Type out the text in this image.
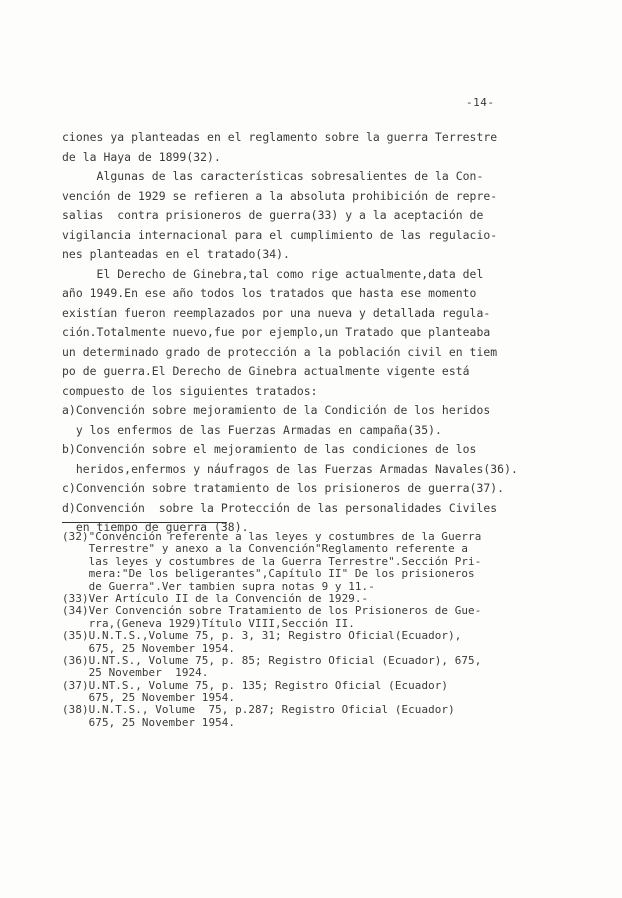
-14-
ciones ya planteadas en el reglamento sobre la guerra Terrestre
de la Haya de 1899(32).
Algunas de las características sobresalientes de la Con-
vención de 1929 se refieren a la absoluta prohibición de repre-
salias  contra prisioneros de guerra(33) y a la aceptación de
vigilancia internacional para el cumplimiento de las regulacio-
nes planteadas en el tratado(34).
El Derecho de Ginebra,tal como rige actualmente,data del
año 1949.En ese año todos los tratados que hasta ese momento
existían fueron reemplazados por una nueva y detallada regula-
ción.Totalmente nuevo,fue por ejemplo,un Tratado que planteaba
un determinado grado de protección a la población civil en tiem
po de guerra.El Derecho de Ginebra actualmente vigente está
compuesto de los siguientes tratados:
a)Convención sobre mejoramiento de la Condición de los heridos
y los enfermos de las Fuerzas Armadas en campaña(35).
b)Convención sobre el mejoramiento de las condiciones de los
heridos,enfermos y náufragos de las Fuerzas Armadas Navales(36).
c)Convención sobre tratamiento de los prisioneros de guerra(37).
d)Convención  sobre la Protección de las personalidades Civiles
en tiempo de guerra (38).
(32)"Convención referente a las leyes y costumbres de la Guerra
Terrestre" y anexo a la Convención"Reglamento referente a
las leyes y costumbres de la Guerra Terrestre".Sección Pri-
mera:"De los beligerantes",Capítulo II" De los prisioneros
de Guerra".Ver tambien supra notas 9 y 11.-
(33)Ver Artículo II de la Convención de 1929.-
(34)Ver Convención sobre Tratamiento de los Prisioneros de Gue-
rra,(Geneva 1929)Título VIII,Sección II.
(35)U.N.T.S.,Volume 75, p. 3, 31; Registro Oficial(Ecuador),
675, 25 November 1954.
(36)U.NT.S., Volume 75, p. 85; Registro Oficial (Ecuador), 675,
25 November  1924.
(37)U.NT.S., Volume 75, p. 135; Registro Oficial (Ecuador)
675, 25 November 1954.
(38)U.N.T.S., Volume  75, p.287; Registro Oficial (Ecuador)
675, 25 November 1954.
